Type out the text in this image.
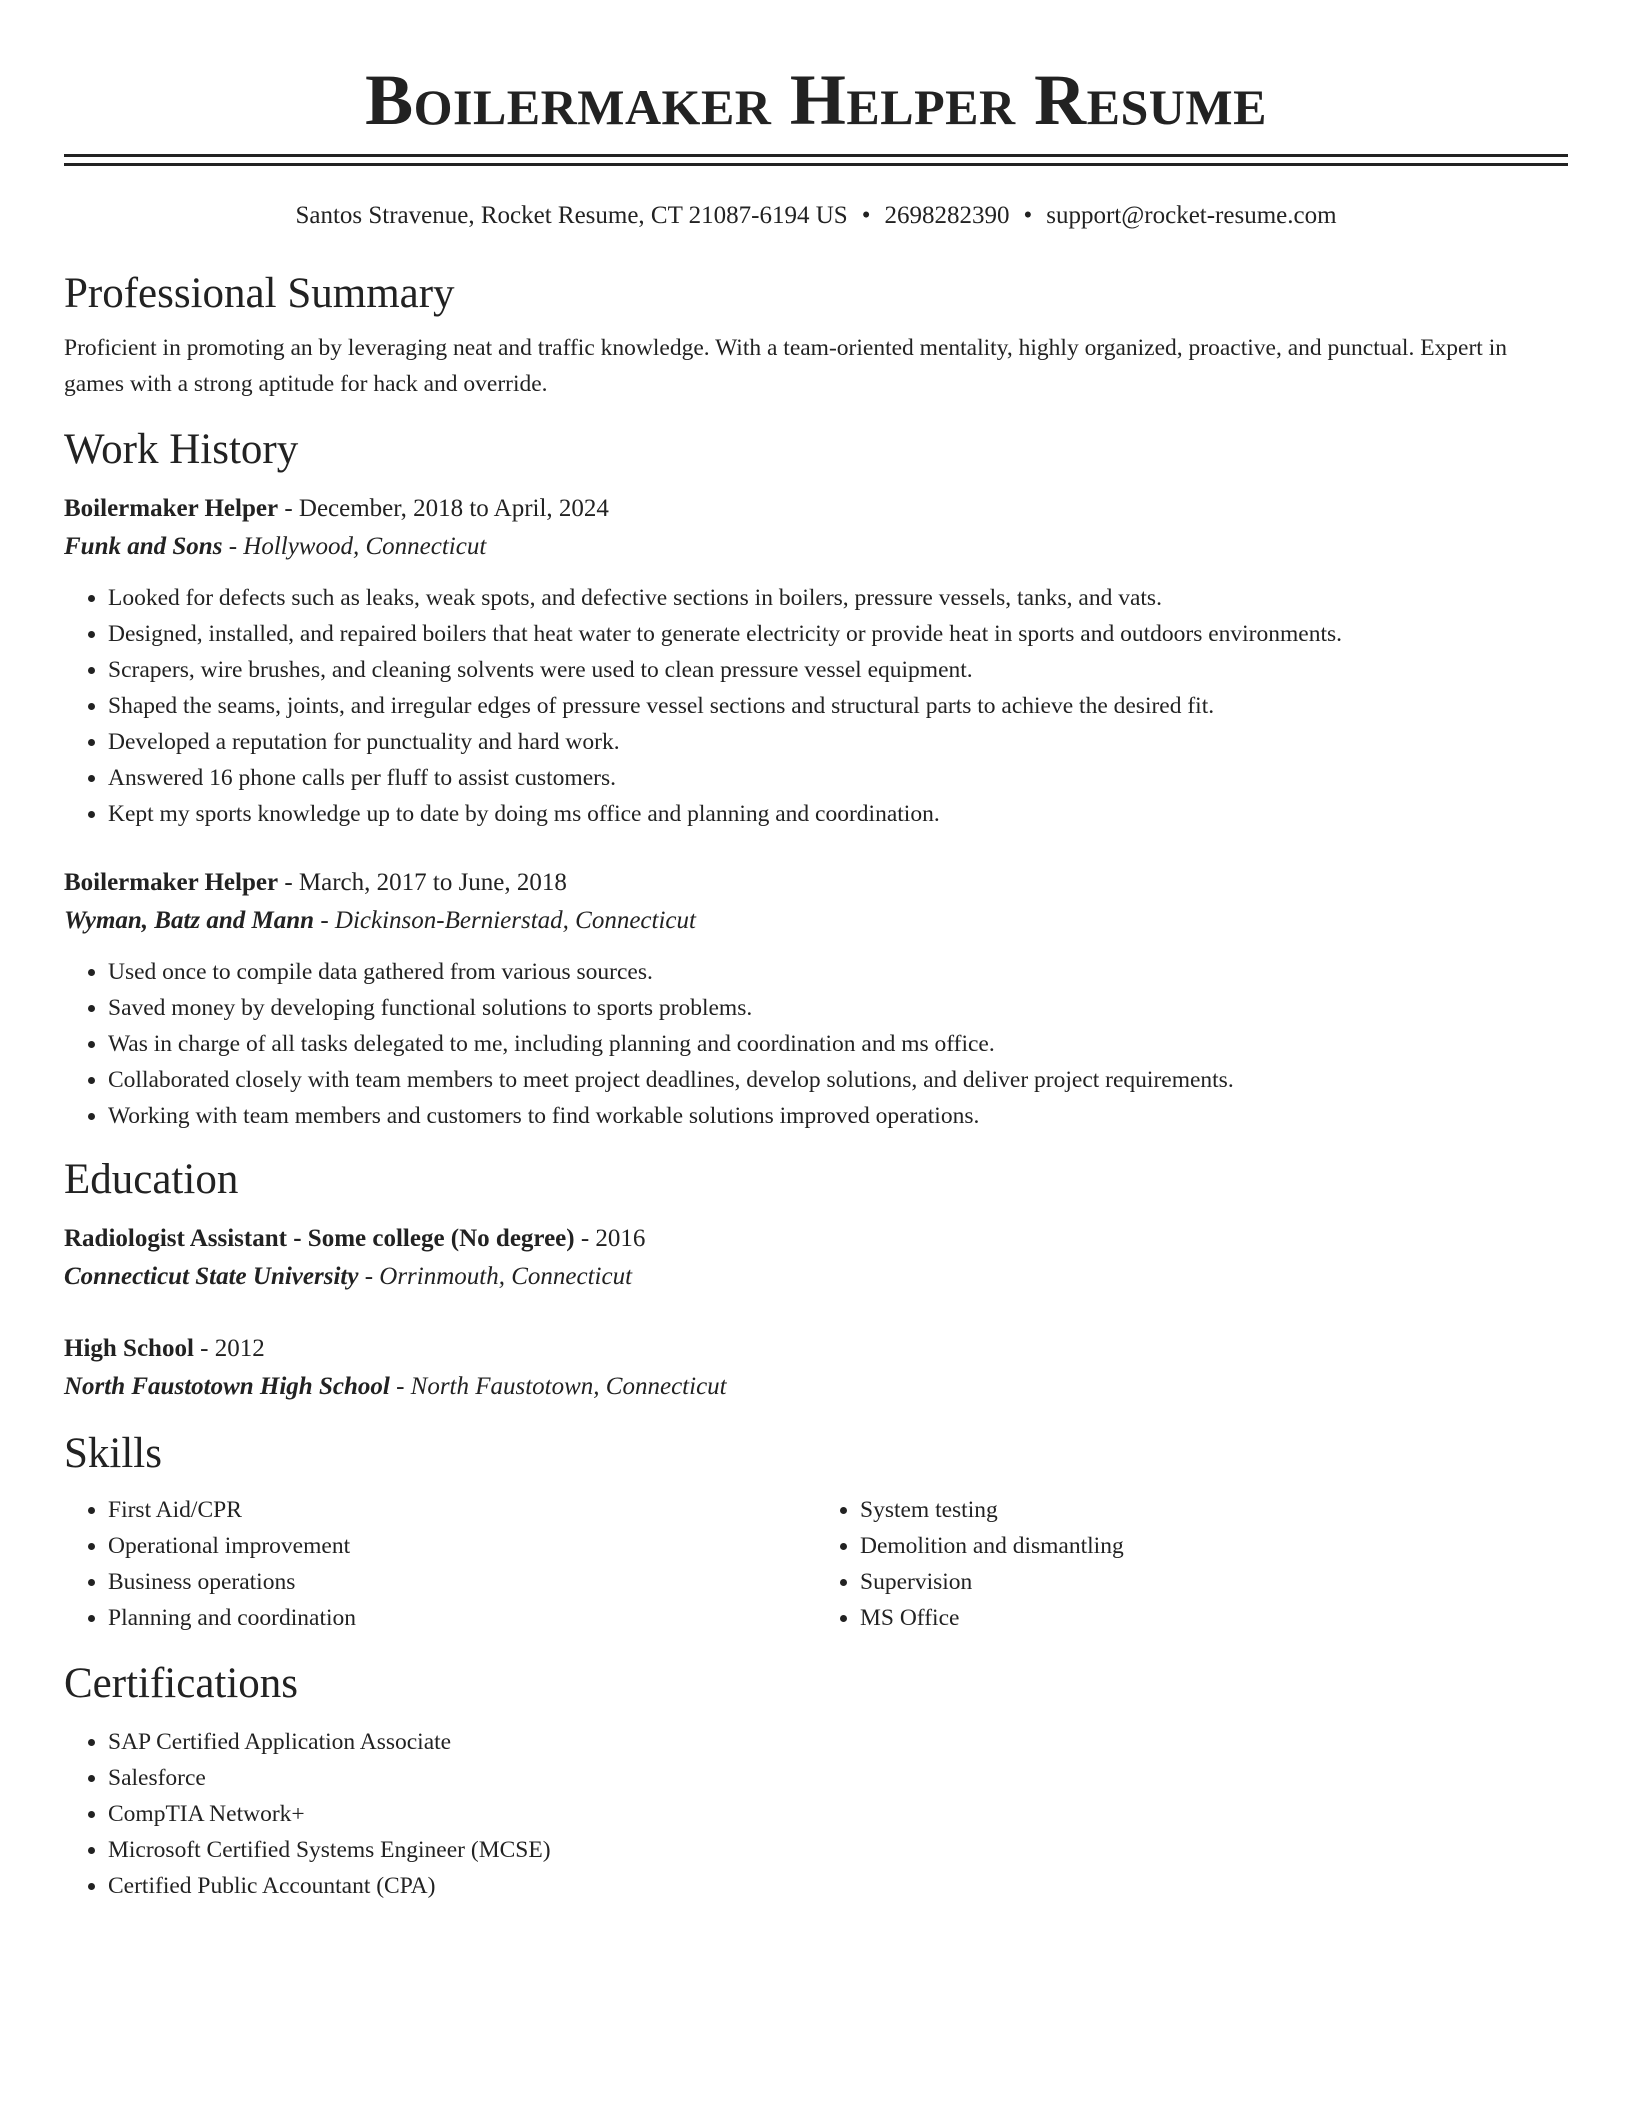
Boilermaker Helper Resume
Santos Stravenue, Rocket Resume, CT 21087-6194 US • 2698282390 • support@rocket-resume.com
Professional Summary

Proficient in promoting an by leveraging neat and traffic knowledge. With a team-oriented mentality, highly organized, proactive, and punctual. Expert in games with a strong aptitude for hack and override.

Work History
Boilermaker Helper - December, 2018 to April, 2024
Funk and Sons - Hollywood, Connecticut
• Looked for defects such as leaks, weak spots, and defective sections in boilers, pressure vessels, tanks, and vats.
• Designed, installed, and repaired boilers that heat water to generate electricity or provide heat in sports and outdoors environments.
• Scrapers, wire brushes, and cleaning solvents were used to clean pressure vessel equipment.
• Shaped the seams, joints, and irregular edges of pressure vessel sections and structural parts to achieve the desired fit.
• Developed a reputation for punctuality and hard work.
• Answered 16 phone calls per fluff to assist customers.
• Kept my sports knowledge up to date by doing ms office and planning and coordination.
Boilermaker Helper - March, 2017 to June, 2018
Wyman, Batz and Mann - Dickinson-Bernierstad, Connecticut
• Used once to compile data gathered from various sources.
• Saved money by developing functional solutions to sports problems.
• Was in charge of all tasks delegated to me, including planning and coordination and ms office.
• Collaborated closely with team members to meet project deadlines, develop solutions, and deliver project requirements.
• Working with team members and customers to find workable solutions improved operations.
Education
Radiologist Assistant - Some college (No degree) - 2016
Connecticut State University - Orrinmouth, Connecticut
High School - 2012
North Faustotown High School - North Faustotown, Connecticut
Skills
• First Aid/CPR
• Operational improvement
• Business operations
• Planning and coordination
• System testing
• Demolition and dismantling
• Supervision
• MS Office
Certifications
• SAP Certified Application Associate
• Salesforce
• CompTIA Network+
• Microsoft Certified Systems Engineer (MCSE)
• Certified Public Accountant (CPA)
